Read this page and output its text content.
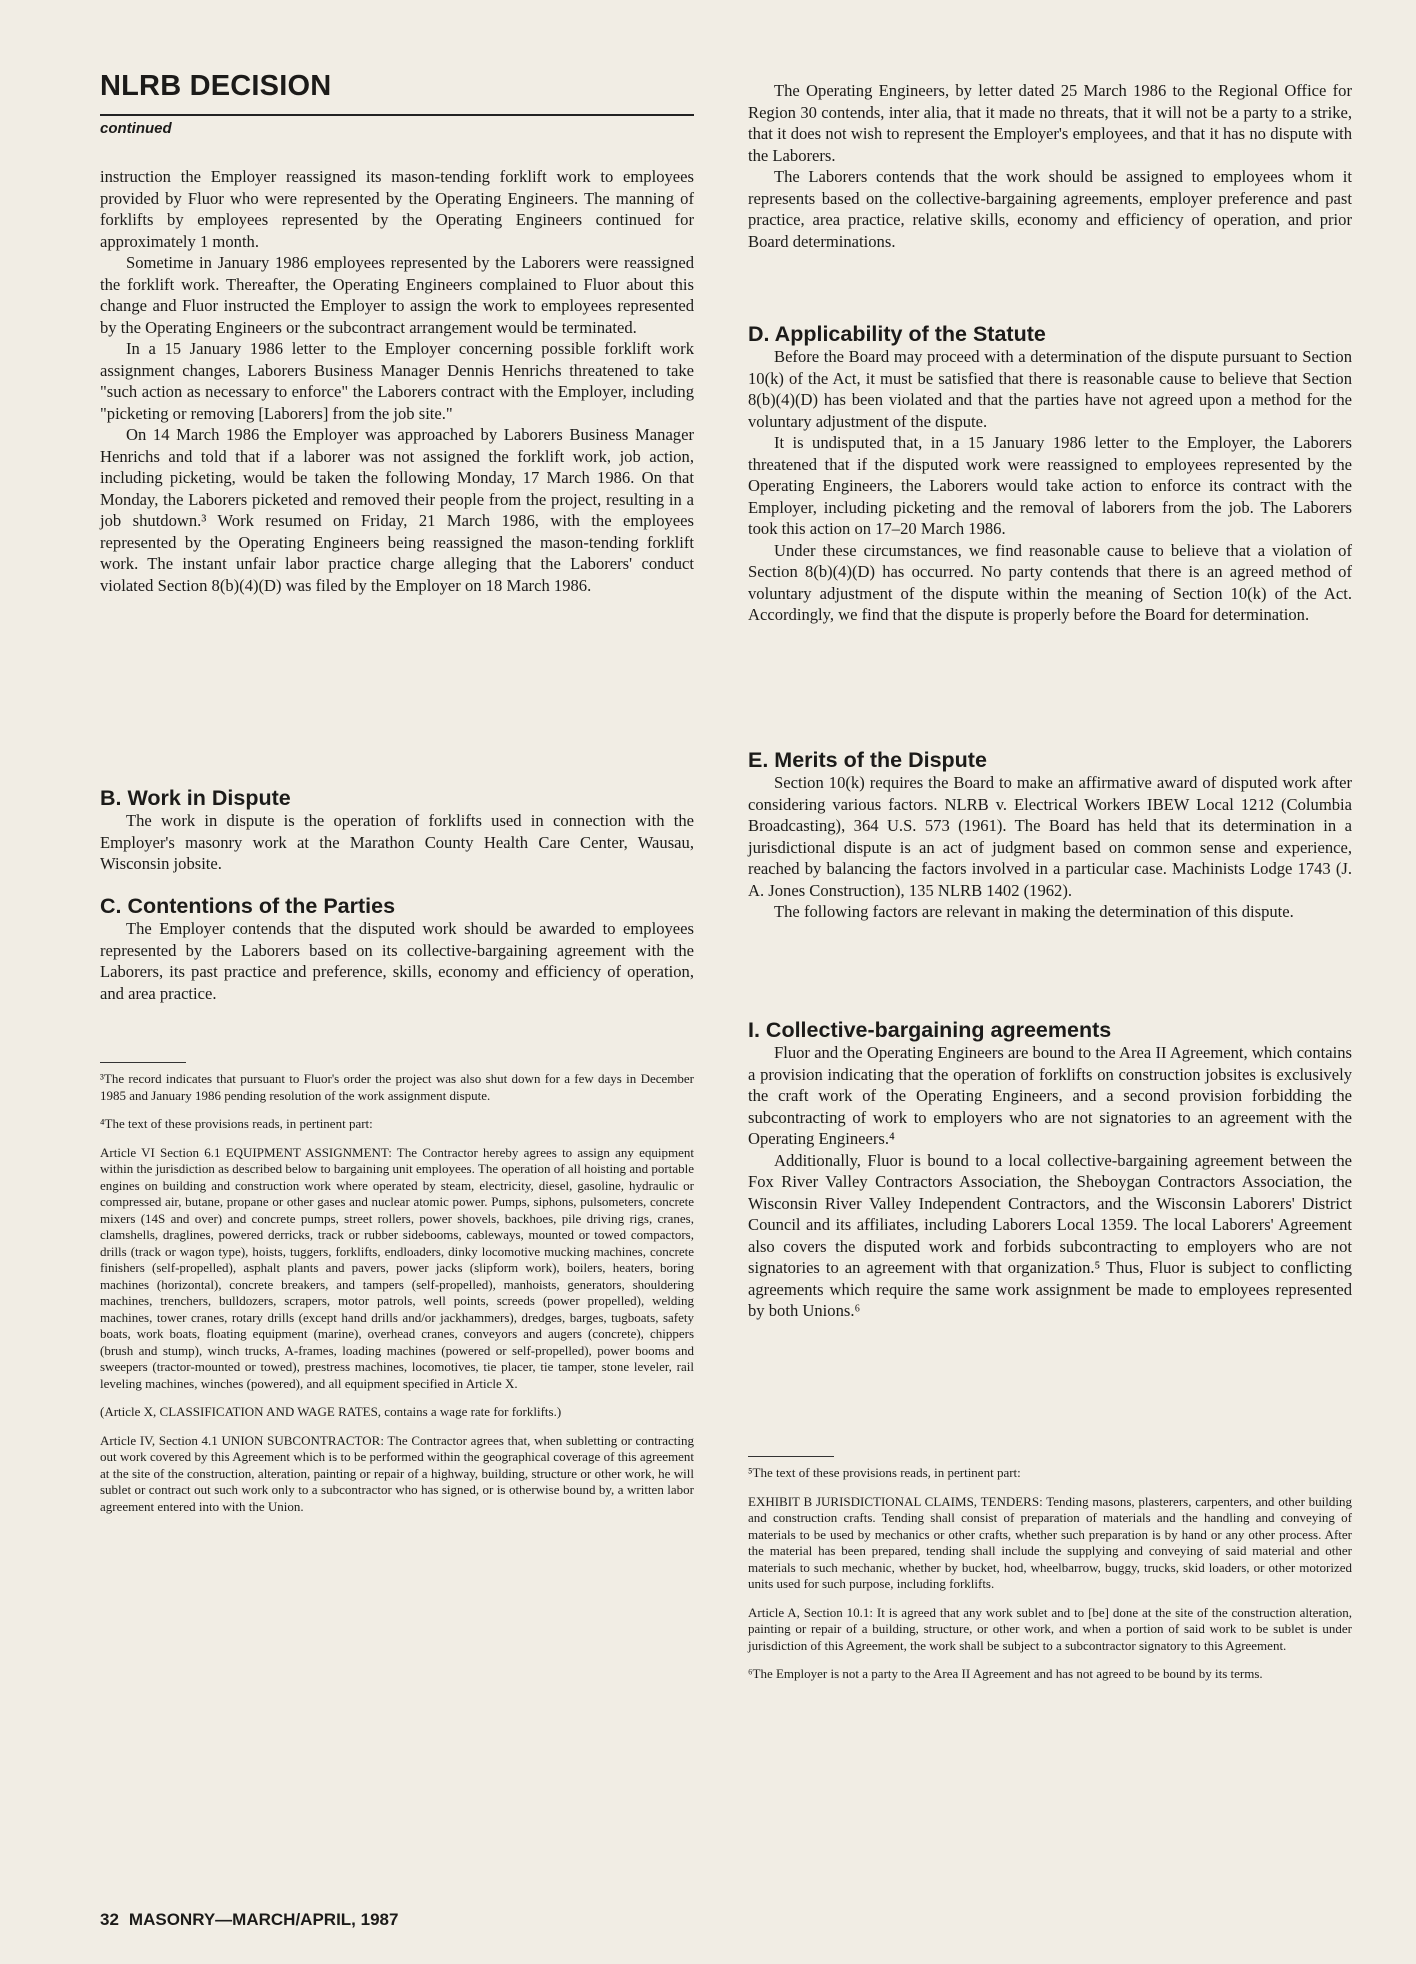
NLRB DECISION
continued

instruction the Employer reassigned its mason-tending forklift work to employees provided by Fluor who were represented by the Operating Engineers. The manning of forklifts by employees represented by the Operating Engineers continued for approximately 1 month.

Sometime in January 1986 employees represented by the Laborers were reassigned the forklift work. Thereafter, the Operating Engineers complained to Fluor about this change and Fluor instructed the Employer to assign the work to employees represented by the Operating Engineers or the subcontract arrangement would be terminated.

In a 15 January 1986 letter to the Employer concerning possible forklift work assignment changes, Laborers Business Manager Dennis Henrichs threatened to take "such action as necessary to enforce" the Laborers contract with the Employer, including "picketing or removing [Laborers] from the job site."

On 14 March 1986 the Employer was approached by Laborers Business Manager Henrichs and told that if a laborer was not assigned the forklift work, job action, including picketing, would be taken the following Monday, 17 March 1986. On that Monday, the Laborers picketed and removed their people from the project, resulting in a job shutdown.³ Work resumed on Friday, 21 March 1986, with the employees represented by the Operating Engineers being reassigned the mason-tending forklift work. The instant unfair labor practice charge alleging that the Laborers' conduct violated Section 8(b)(4)(D) was filed by the Employer on 18 March 1986.

B. Work in Dispute

The work in dispute is the operation of forklifts used in connection with the Employer's masonry work at the Marathon County Health Care Center, Wausau, Wisconsin jobsite.

C. Contentions of the Parties

The Employer contends that the disputed work should be awarded to employees represented by the Laborers based on its collective-bargaining agreement with the Laborers, its past practice and preference, skills, economy and efficiency of operation, and area practice.

³The record indicates that pursuant to Fluor's order the project was also shut down for a few days in December 1985 and January 1986 pending resolution of the work assignment dispute.

⁴The text of these provisions reads, in pertinent part:

Article VI Section 6.1 EQUIPMENT ASSIGNMENT: The Contractor hereby agrees to assign any equipment within the jurisdiction as described below to bargaining unit employees. The operation of all hoisting and portable engines on building and construction work where operated by steam, electricity, diesel, gasoline, hydraulic or compressed air, butane, propane or other gases and nuclear atomic power. Pumps, siphons, pulsometers, concrete mixers (14S and over) and concrete pumps, street rollers, power shovels, backhoes, pile driving rigs, cranes, clamshells, draglines, powered derricks, track or rubber sidebooms, cableways, mounted or towed compactors, drills (track or wagon type), hoists, tuggers, forklifts, endloaders, dinky locomotive mucking machines, concrete finishers (self-propelled), asphalt plants and pavers, power jacks (slipform work), boilers, heaters, boring machines (horizontal), concrete breakers, and tampers (self-propelled), manhoists, generators, shouldering machines, trenchers, bulldozers, scrapers, motor patrols, well points, screeds (power propelled), welding machines, tower cranes, rotary drills (except hand drills and/or jackhammers), dredges, barges, tugboats, safety boats, work boats, floating equipment (marine), overhead cranes, conveyors and augers (concrete), chippers (brush and stump), winch trucks, A-frames, loading machines (powered or self-propelled), power booms and sweepers (tractor-mounted or towed), prestress machines, locomotives, tie placer, tie tamper, stone leveler, rail leveling machines, winches (powered), and all equipment specified in Article X.

(Article X, CLASSIFICATION AND WAGE RATES, contains a wage rate for forklifts.)

Article IV, Section 4.1 UNION SUBCONTRACTOR: The Contractor agrees that, when subletting or contracting out work covered by this Agreement which is to be performed within the geographical coverage of this agreement at the site of the construction, alteration, painting or repair of a highway, building, structure or other work, he will sublet or contract out such work only to a subcontractor who has signed, or is otherwise bound by, a written labor agreement entered into with the Union.

The Operating Engineers, by letter dated 25 March 1986 to the Regional Office for Region 30 contends, inter alia, that it made no threats, that it will not be a party to a strike, that it does not wish to represent the Employer's employees, and that it has no dispute with the Laborers.

The Laborers contends that the work should be assigned to employees whom it represents based on the collective-bargaining agreements, employer preference and past practice, area practice, relative skills, economy and efficiency of operation, and prior Board determinations.

D. Applicability of the Statute

Before the Board may proceed with a determination of the dispute pursuant to Section 10(k) of the Act, it must be satisfied that there is reasonable cause to believe that Section 8(b)(4)(D) has been violated and that the parties have not agreed upon a method for the voluntary adjustment of the dispute.

It is undisputed that, in a 15 January 1986 letter to the Employer, the Laborers threatened that if the disputed work were reassigned to employees represented by the Operating Engineers, the Laborers would take action to enforce its contract with the Employer, including picketing and the removal of laborers from the job. The Laborers took this action on 17–20 March 1986.

Under these circumstances, we find reasonable cause to believe that a violation of Section 8(b)(4)(D) has occurred. No party contends that there is an agreed method of voluntary adjustment of the dispute within the meaning of Section 10(k) of the Act. Accordingly, we find that the dispute is properly before the Board for determination.

E. Merits of the Dispute

Section 10(k) requires the Board to make an affirmative award of disputed work after considering various factors. NLRB v. Electrical Workers IBEW Local 1212 (Columbia Broadcasting), 364 U.S. 573 (1961). The Board has held that its determination in a jurisdictional dispute is an act of judgment based on common sense and experience, reached by balancing the factors involved in a particular case. Machinists Lodge 1743 (J. A. Jones Construction), 135 NLRB 1402 (1962).

The following factors are relevant in making the determination of this dispute.

I. Collective-bargaining agreements

Fluor and the Operating Engineers are bound to the Area II Agreement, which contains a provision indicating that the operation of forklifts on construction jobsites is exclusively the craft work of the Operating Engineers, and a second provision forbidding the subcontracting of work to employers who are not signatories to an agreement with the Operating Engineers.⁴

Additionally, Fluor is bound to a local collective-bargaining agreement between the Fox River Valley Contractors Association, the Sheboygan Contractors Association, the Wisconsin River Valley Independent Contractors, and the Wisconsin Laborers' District Council and its affiliates, including Laborers Local 1359. The local Laborers' Agreement also covers the disputed work and forbids subcontracting to employers who are not signatories to an agreement with that organization.⁵ Thus, Fluor is subject to conflicting agreements which require the same work assignment be made to employees represented by both Unions.⁶

⁵The text of these provisions reads, in pertinent part:

EXHIBIT B JURISDICTIONAL CLAIMS, TENDERS: Tending masons, plasterers, carpenters, and other building and construction crafts. Tending shall consist of preparation of materials and the handling and conveying of materials to be used by mechanics or other crafts, whether such preparation is by hand or any other process. After the material has been prepared, tending shall include the supplying and conveying of said material and other materials to such mechanic, whether by bucket, hod, wheelbarrow, buggy, trucks, skid loaders, or other motorized units used for such purpose, including forklifts.

Article A, Section 10.1: It is agreed that any work sublet and to [be] done at the site of the construction alteration, painting or repair of a building, structure, or other work, and when a portion of said work to be sublet is under jurisdiction of this Agreement, the work shall be subject to a subcontractor signatory to this Agreement.

⁶The Employer is not a party to the Area II Agreement and has not agreed to be bound by its terms.

32 MASONRY—MARCH/APRIL, 1987
